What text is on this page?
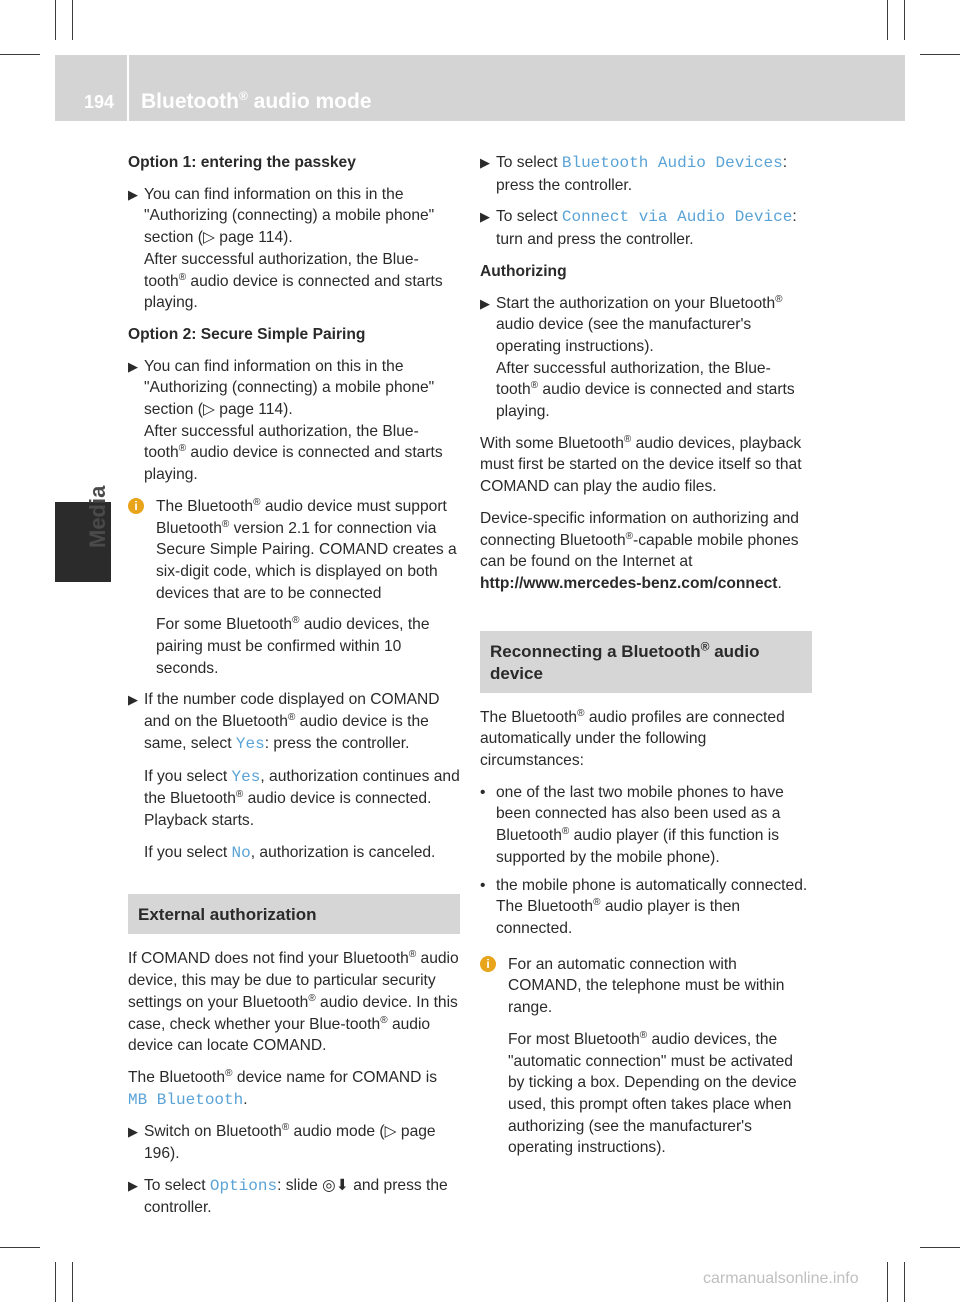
194 Bluetooth® audio mode
Media
Option 1: entering the passkey
▶ You can find information on this in the "Authorizing (connecting) a mobile phone" section (▷ page 114).
After successful authorization, the Blue-tooth® audio device is connected and starts playing.
Option 2: Secure Simple Pairing
▶ You can find information on this in the "Authorizing (connecting) a mobile phone" section (▷ page 114).
After successful authorization, the Blue-tooth® audio device is connected and starts playing.
i	The Bluetooth® audio device must support Bluetooth® version 2.1 for connection via Secure Simple Pairing. COMAND creates a six-digit code, which is displayed on both devices that are to be connected

For some Bluetooth® audio devices, the pairing must be confirmed within 10 seconds.

▶ If the number code displayed on COMAND and on the Bluetooth® audio device is the same, select Yes: press the controller.

If you select Yes, authorization continues and the Bluetooth® audio device is connected. Playback starts.

If you select No, authorization is canceled.

External authorization

If COMAND does not find your Bluetooth® audio device, this may be due to particular security settings on your Bluetooth® audio device. In this case, check whether your Blue-tooth® audio device can locate COMAND.

The Bluetooth® device name for COMAND is MB Bluetooth.

▶ Switch on Bluetooth® audio mode (▷ page 196).
▶ To select Options: slide ◎⬇ and press the controller.
▶ To select Bluetooth Audio Devices: press the controller.
▶ To select Connect via Audio Device: turn and press the controller.
Authorizing
▶ Start the authorization on your Bluetooth® audio device (see the manufacturer's operating instructions).
After successful authorization, the Blue-tooth® audio device is connected and starts playing.

With some Bluetooth® audio devices, playback must first be started on the device itself so that COMAND can play the audio files.

Device-specific information on authorizing and connecting Bluetooth®-capable mobile phones can be found on the Internet at http://www.mercedes-benz.com/connect.

Reconnecting a Bluetooth® audio device

The Bluetooth® audio profiles are connected automatically under the following circumstances:

• one of the last two mobile phones to have been connected has also been used as a Bluetooth® audio player (if this function is supported by the mobile phone).
• the mobile phone is automatically connected. The Bluetooth® audio player is then connected.
i	For an automatic connection with COMAND, the telephone must be within range.

For most Bluetooth® audio devices, the "automatic connection" must be activated by ticking a box. Depending on the device used, this prompt often takes place when authorizing (see the manufacturer's operating instructions).

carmanualsonline.info
